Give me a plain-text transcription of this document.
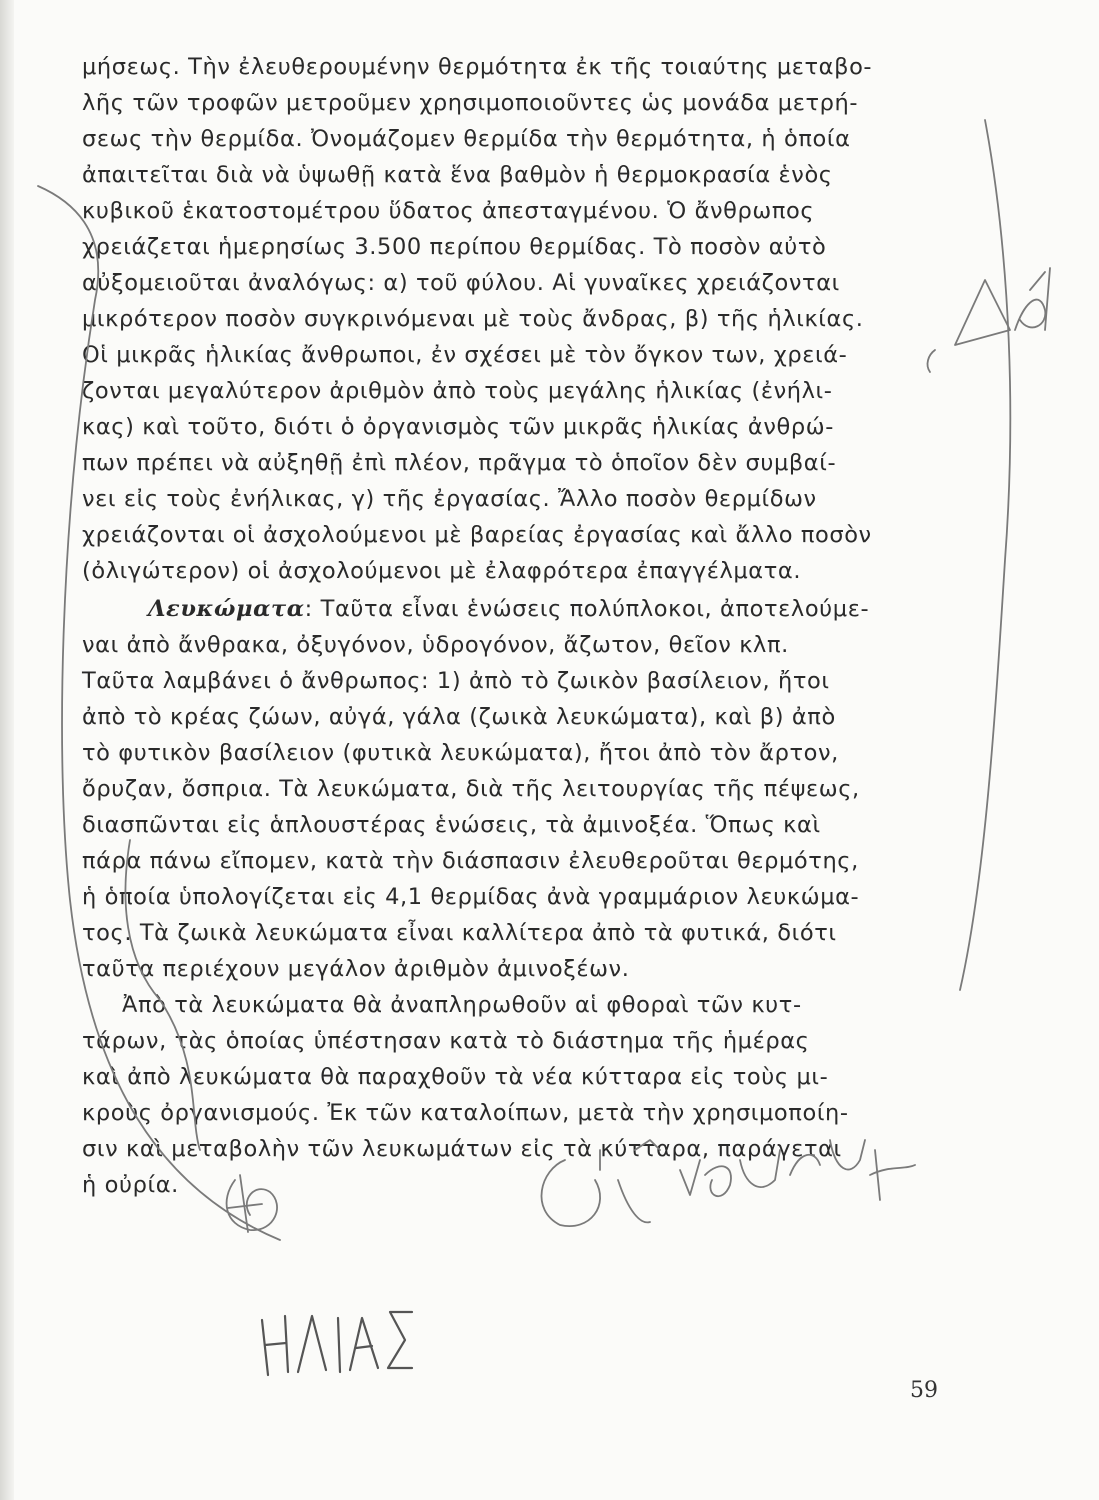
μήσεως. Τὴν ἐλευθερουμένην θερμότητα ἐκ τῆς τοιαύτης μεταβο-
λῆς τῶν τροφῶν μετροῦμεν χρησιμοποιοῦντες ὡς μονάδα μετρή-
σεως τὴν θερμίδα. Ὀνομάζομεν θερμίδα τὴν θερμότητα, ἡ ὁποία
ἀπαιτεῖται διὰ νὰ ὑψωθῇ κατὰ ἕνα βαθμὸν ἡ θερμοκρασία ἑνὸς
κυβικοῦ ἑκατοστομέτρου ὕδατος ἀπεσταγμένου. Ὁ ἄνθρωπος
χρειάζεται ἡμερησίως 3.500 περίπου θερμίδας. Τὸ ποσὸν αὐτὸ
αὐξομειοῦται ἀναλόγως: α) τοῦ φύλου. Αἱ γυναῖκες χρειάζονται
μικρότερον ποσὸν συγκρινόμεναι μὲ τοὺς ἄνδρας, β) τῆς ἡλικίας.
Οἱ μικρᾶς ἡλικίας ἄνθρωποι, ἐν σχέσει μὲ τὸν ὄγκον των, χρειά-
ζονται μεγαλύτερον ἀριθμὸν ἀπὸ τοὺς μεγάλης ἡλικίας (ἐνήλι-
κας) καὶ τοῦτο, διότι ὁ ὀργανισμὸς τῶν μικρᾶς ἡλικίας ἀνθρώ-
πων πρέπει νὰ αὐξηθῇ ἐπὶ πλέον, πρᾶγμα τὸ ὁποῖον δὲν συμβαί-
νει εἰς τοὺς ἐνήλικας, γ) τῆς ἐργασίας. Ἄλλο ποσὸν θερμίδων
χρειάζονται οἱ ἀσχολούμενοι μὲ βαρείας ἐργασίας καὶ ἄλλο ποσὸν
(ὀλιγώτερον) οἱ ἀσχολούμενοι μὲ ἐλαφρότερα ἐπαγγέλματα.
Λευκώματα: Ταῦτα εἶναι ἑνώσεις πολύπλοκοι, ἀποτελούμε-
ναι ἀπὸ ἄνθρακα, ὀξυγόνον, ὑδρογόνον, ἄζωτον, θεῖον κλπ.
Ταῦτα λαμβάνει ὁ ἄνθρωπος: 1) ἀπὸ τὸ ζωικὸν βασίλειον, ἤτοι
ἀπὸ τὸ κρέας ζώων, αὐγά, γάλα (ζωικὰ λευκώματα), καὶ β) ἀπὸ
τὸ φυτικὸν βασίλειον (φυτικὰ λευκώματα), ἤτοι ἀπὸ τὸν ἄρτον,
ὄρυζαν, ὄσπρια. Τὰ λευκώματα, διὰ τῆς λειτουργίας τῆς πέψεως,
διασπῶνται εἰς ἁπλουστέρας ἑνώσεις, τὰ ἀμινοξέα. Ὅπως καὶ
πάρα πάνω εἴπομεν, κατὰ τὴν διάσπασιν ἐλευθεροῦται θερμότης,
ἡ ὁποία ὑπολογίζεται εἰς 4,1 θερμίδας ἀνὰ γραμμάριον λευκώμα-
τος. Τὰ ζωικὰ λευκώματα εἶναι καλλίτερα ἀπὸ τὰ φυτικά, διότι
ταῦτα περιέχουν μεγάλον ἀριθμὸν ἀμινοξέων.
Ἀπὸ τὰ λευκώματα θὰ ἀναπληρωθοῦν αἱ φθοραὶ τῶν κυτ-
τάρων, τὰς ὁποίας ὑπέστησαν κατὰ τὸ διάστημα τῆς ἡμέρας
καὶ ἀπὸ λευκώματα θὰ παραχθοῦν τὰ νέα κύτταρα εἰς τοὺς μι-
κροὺς ὀργανισμούς. Ἐκ τῶν καταλοίπων, μετὰ τὴν χρησιμοποίη-
σιν καὶ μεταβολὴν τῶν λευκωμάτων εἰς τὰ κύτταρα, παράγεται
ἡ οὐρία.
59
